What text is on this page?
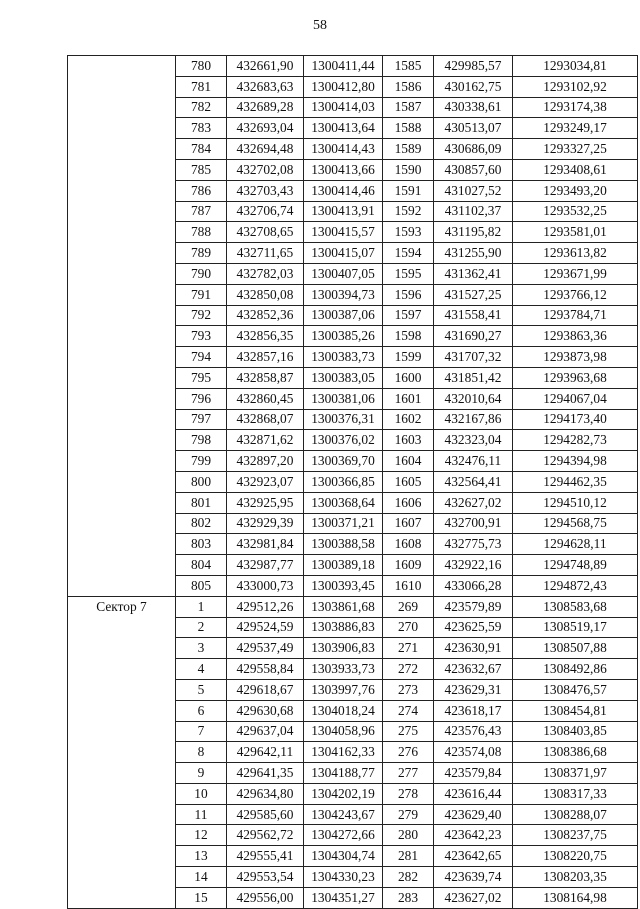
58
	780	432661,90	1300411,44	1585	429985,57	1293034,81
	781	432683,63	1300412,80	1586	430162,75	1293102,92
	782	432689,28	1300414,03	1587	430338,61	1293174,38
	783	432693,04	1300413,64	1588	430513,07	1293249,17
	784	432694,48	1300414,43	1589	430686,09	1293327,25
	785	432702,08	1300413,66	1590	430857,60	1293408,61
	786	432703,43	1300414,46	1591	431027,52	1293493,20
	787	432706,74	1300413,91	1592	431102,37	1293532,25
	788	432708,65	1300415,57	1593	431195,82	1293581,01
	789	432711,65	1300415,07	1594	431255,90	1293613,82
	790	432782,03	1300407,05	1595	431362,41	1293671,99
	791	432850,08	1300394,73	1596	431527,25	1293766,12
	792	432852,36	1300387,06	1597	431558,41	1293784,71
	793	432856,35	1300385,26	1598	431690,27	1293863,36
	794	432857,16	1300383,73	1599	431707,32	1293873,98
	795	432858,87	1300383,05	1600	431851,42	1293963,68
	796	432860,45	1300381,06	1601	432010,64	1294067,04
	797	432868,07	1300376,31	1602	432167,86	1294173,40
	798	432871,62	1300376,02	1603	432323,04	1294282,73
	799	432897,20	1300369,70	1604	432476,11	1294394,98
	800	432923,07	1300366,85	1605	432564,41	1294462,35
	801	432925,95	1300368,64	1606	432627,02	1294510,12
	802	432929,39	1300371,21	1607	432700,91	1294568,75
	803	432981,84	1300388,58	1608	432775,73	1294628,11
	804	432987,77	1300389,18	1609	432922,16	1294748,89
	805	433000,73	1300393,45	1610	433066,28	1294872,43
Сектор 7	1	429512,26	1303861,68	269	423579,89	1308583,68
	2	429524,59	1303886,83	270	423625,59	1308519,17
	3	429537,49	1303906,83	271	423630,91	1308507,88
	4	429558,84	1303933,73	272	423632,67	1308492,86
	5	429618,67	1303997,76	273	423629,31	1308476,57
	6	429630,68	1304018,24	274	423618,17	1308454,81
	7	429637,04	1304058,96	275	423576,43	1308403,85
	8	429642,11	1304162,33	276	423574,08	1308386,68
	9	429641,35	1304188,77	277	423579,84	1308371,97
	10	429634,80	1304202,19	278	423616,44	1308317,33
	11	429585,60	1304243,67	279	423629,40	1308288,07
	12	429562,72	1304272,66	280	423642,23	1308237,75
	13	429555,41	1304304,74	281	423642,65	1308220,75
	14	429553,54	1304330,23	282	423639,74	1308203,35
	15	429556,00	1304351,27	283	423627,02	1308164,98
